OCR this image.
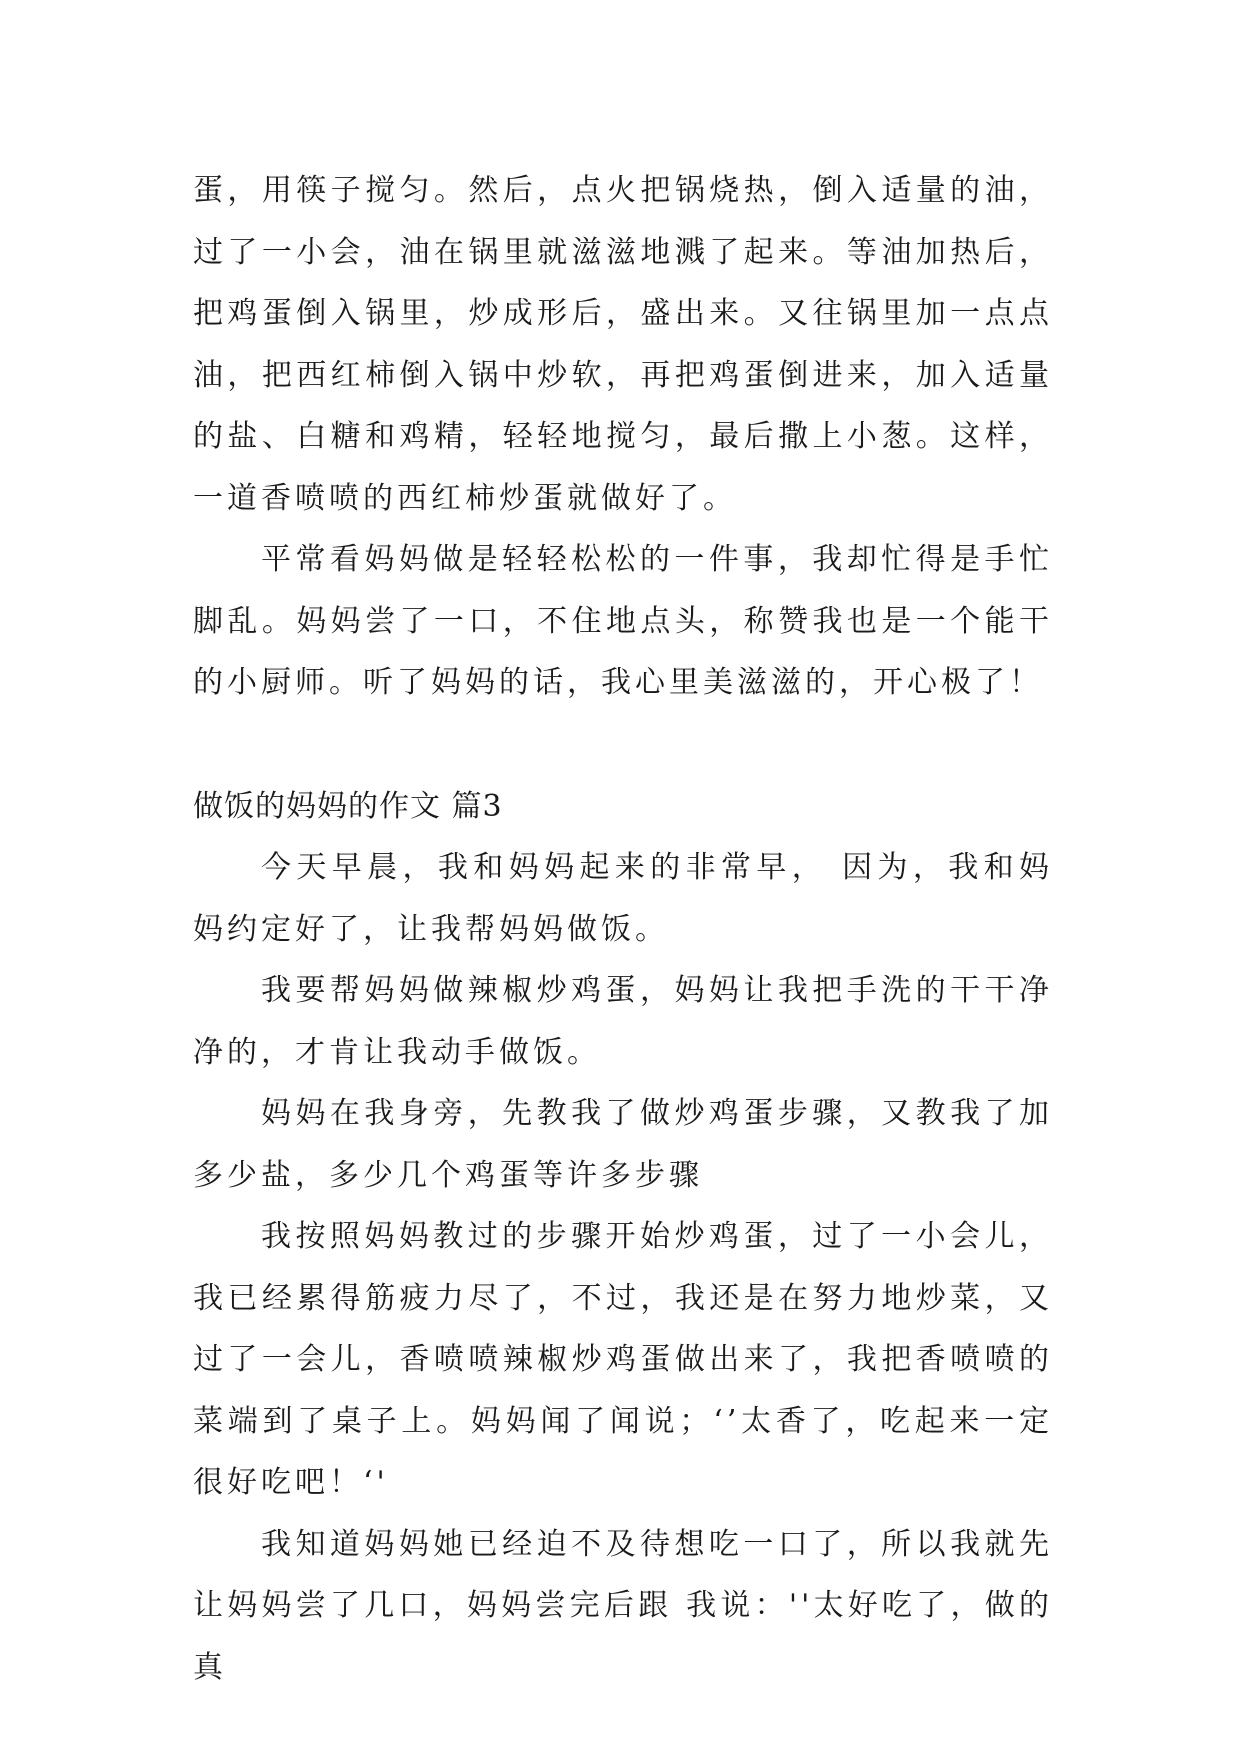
蛋，用筷子搅匀。然后，点火把锅烧热，倒入适量的油，过了一小会，油在锅里就滋滋地溅了起来。等油加热后，把鸡蛋倒入锅里，炒成形后，盛出来。又往锅里加一点点油，把西红柿倒入锅中炒软，再把鸡蛋倒进来，加入适量的盐、白糖和鸡精，轻轻地搅匀，最后撒上小葱。这样，一道香喷喷的西红柿炒蛋就做好了。

平常看妈妈做是轻轻松松的一件事，我却忙得是手忙脚乱。妈妈尝了一口，不住地点头，称赞我也是一个能干的小厨师。听了妈妈的话，我心里美滋滋的，开心极了！

做饭的妈妈的作文 篇3

今天早晨，我和妈妈起来的非常早， 因为，我和妈妈约定好了，让我帮妈妈做饭。

我要帮妈妈做辣椒炒鸡蛋，妈妈让我把手洗的干干净净的，才肯让我动手做饭。

妈妈在我身旁，先教我了做炒鸡蛋步骤，又教我了加多少盐，多少几个鸡蛋等许多步骤

我按照妈妈教过的步骤开始炒鸡蛋，过了一小会儿，我已经累得筋疲力尽了，不过，我还是在努力地炒菜，又过了一会儿，香喷喷辣椒炒鸡蛋做出来了，我把香喷喷的菜端到了桌子上。妈妈闻了闻说；‘’太香了，吃起来一定很好吃吧！‘'

我知道妈妈她已经迫不及待想吃一口了，所以我就先让妈妈尝了几口，妈妈尝完后跟 我说：''太好吃了，做的真
